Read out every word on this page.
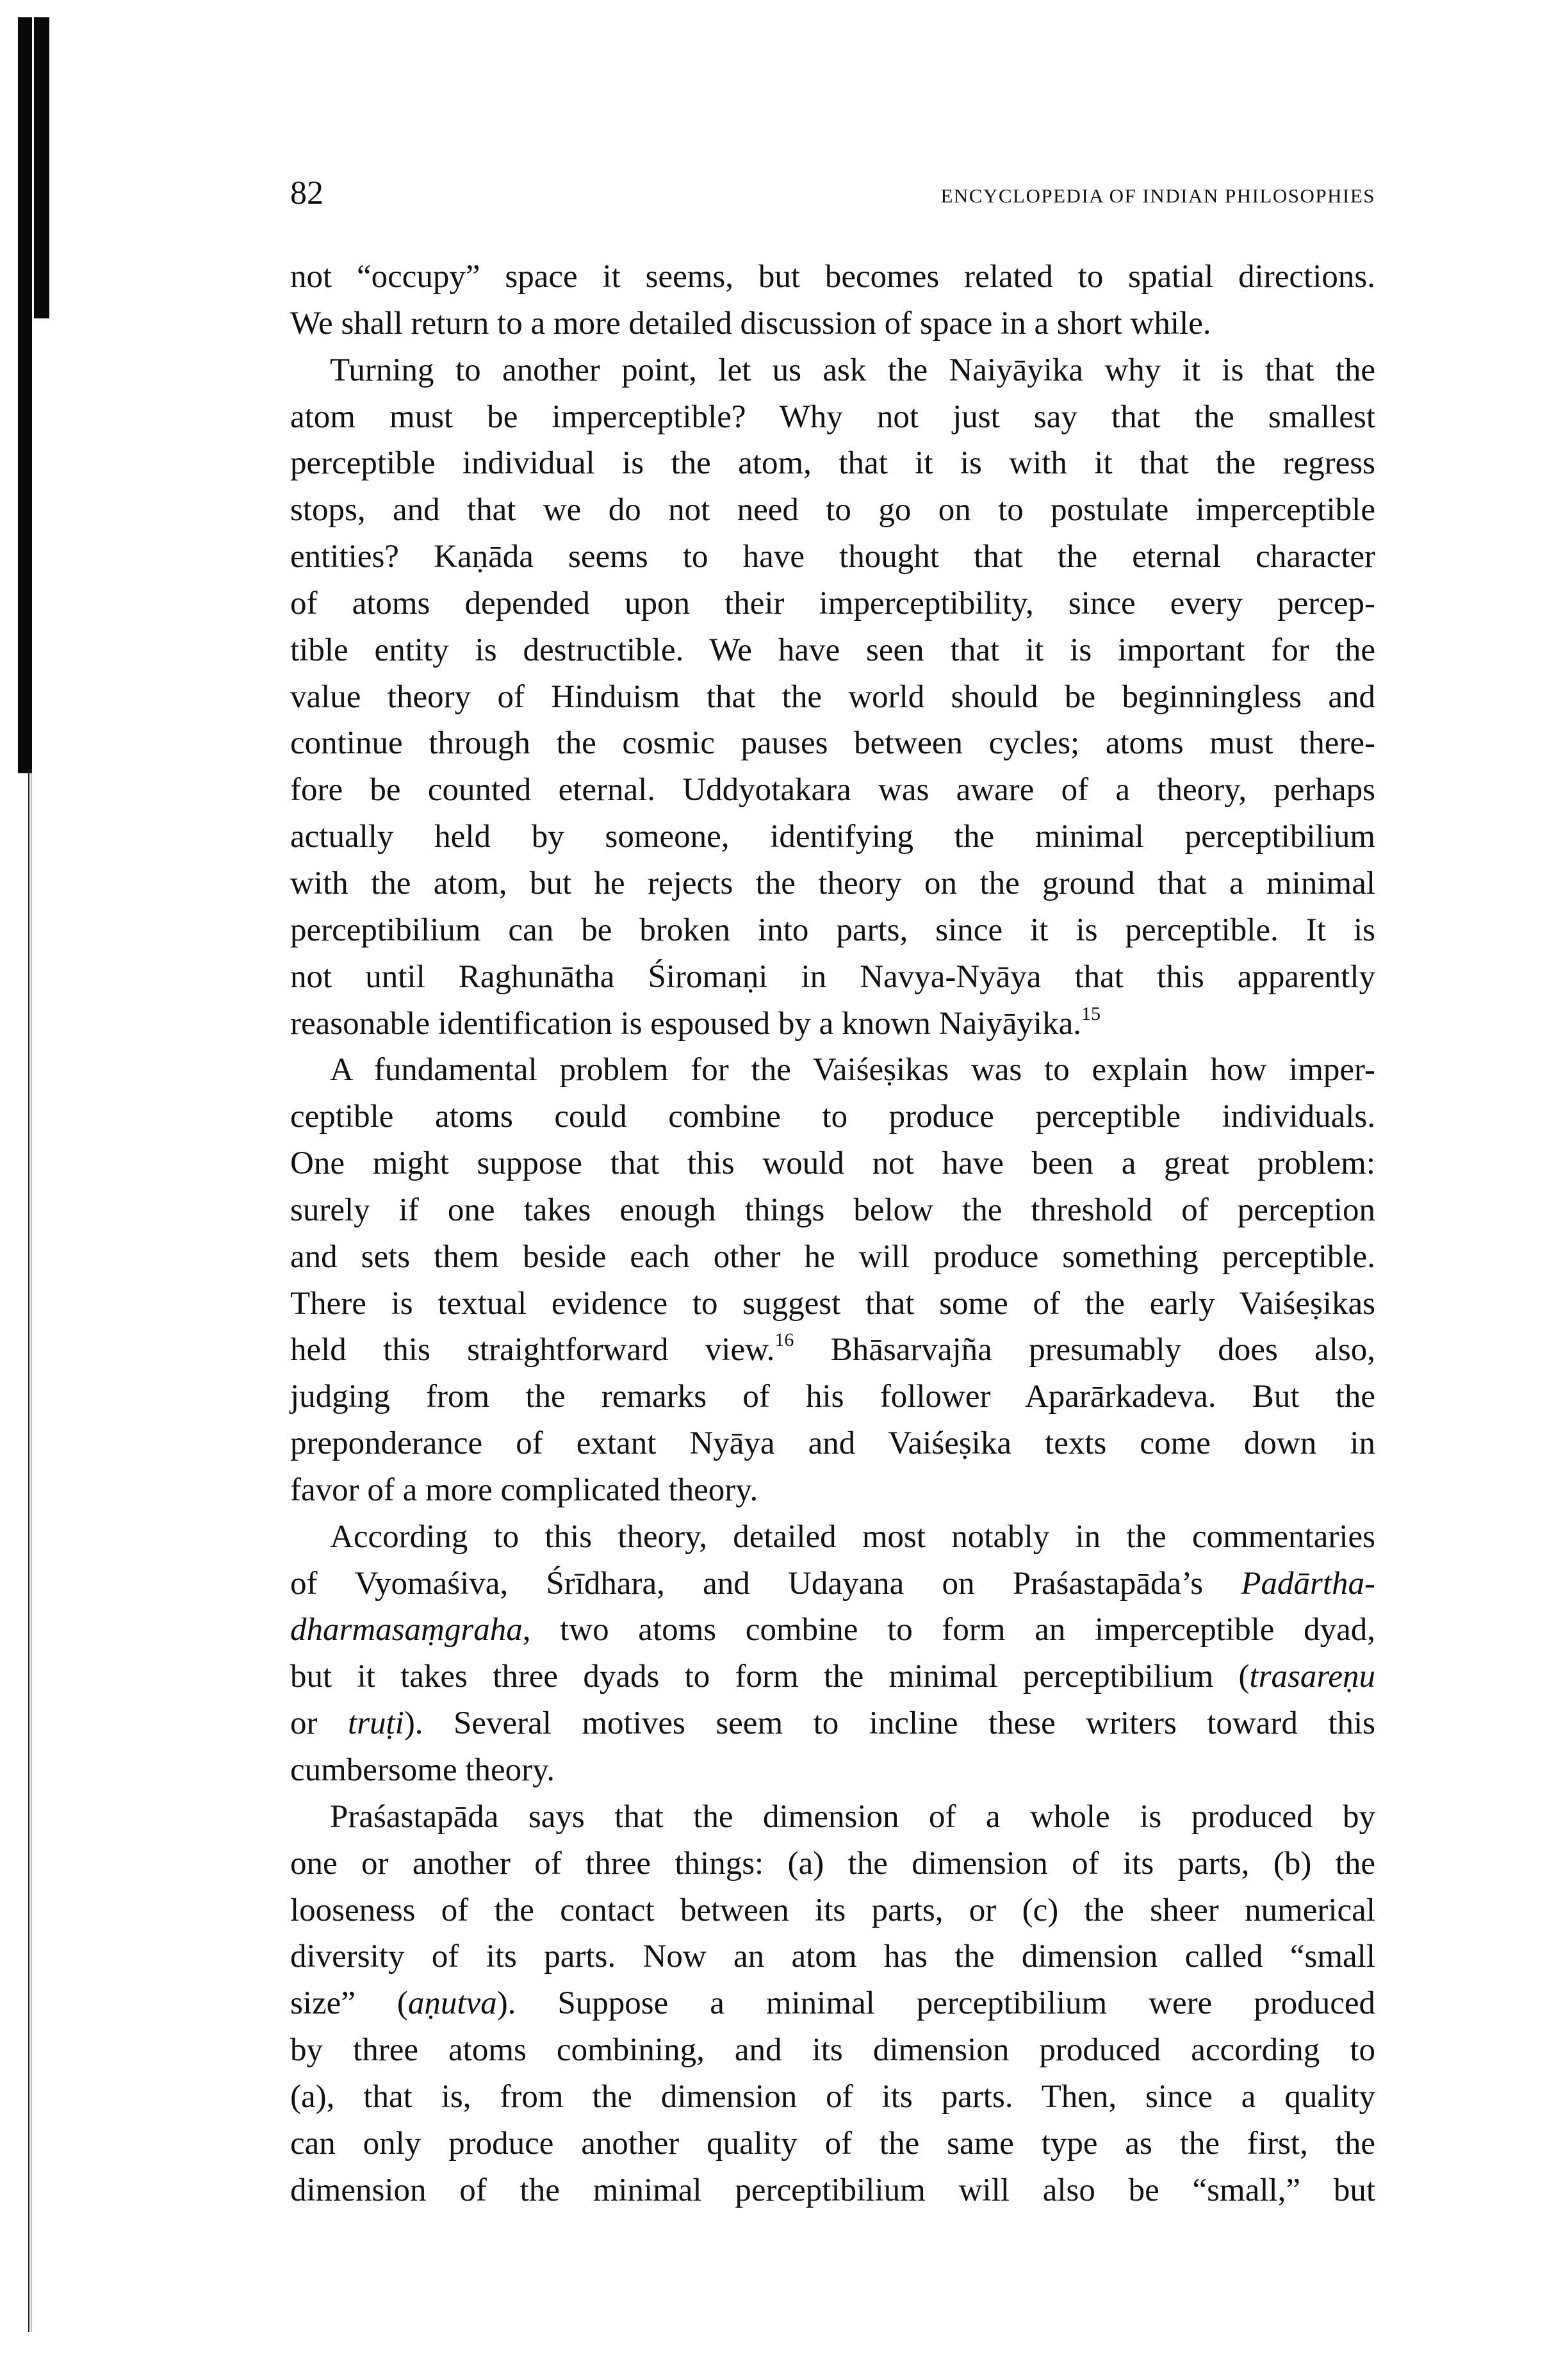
82	ENCYCLOPEDIA OF INDIAN PHILOSOPHIES
not “occupy” space it seems, but becomes related to spatial directions.
We shall return to a more detailed discussion of space in a short while.
Turning to another point, let us ask the Naiyāyika why it is that the
atom must be imperceptible? Why not just say that the smallest
perceptible individual is the atom, that it is with it that the regress
stops, and that we do not need to go on to postulate imperceptible
entities? Kaṇāda seems to have thought that the eternal character
of atoms depended upon their imperceptibility, since every percep-
tible entity is destructible. We have seen that it is important for the
value theory of Hinduism that the world should be beginningless and
continue through the cosmic pauses between cycles; atoms must there-
fore be counted eternal. Uddyotakara was aware of a theory, perhaps
actually held by someone, identifying the minimal perceptibilium
with the atom, but he rejects the theory on the ground that a minimal
perceptibilium can be broken into parts, since it is perceptible. It is
not until Raghunātha Śiromaṇi in Navya-Nyāya that this apparently
reasonable identification is espoused by a known Naiyāyika.$^{15}$
A fundamental problem for the Vaiśeṣikas was to explain how imper-
ceptible atoms could combine to produce perceptible individuals.
One might suppose that this would not have been a great problem:
surely if one takes enough things below the threshold of perception
and sets them beside each other he will produce something perceptible.
There is textual evidence to suggest that some of the early Vaiśeṣikas
held this straightforward view.$^{16}$ Bhāsarvajña presumably does also,
judging from the remarks of his follower Aparārkadeva. But the
preponderance of extant Nyāya and Vaiśeṣika texts come down in
favor of a more complicated theory.
According to this theory, detailed most notably in the commentaries
of Vyomaśiva, Śrīdhara, and Udayana on Praśastapāda’s Padārtha-
dharmasaṃgraha, two atoms combine to form an imperceptible dyad,
but it takes three dyads to form the minimal perceptibilium (trasareṇu
or truṭi). Several motives seem to incline these writers toward this
cumbersome theory.
Praśastapāda says that the dimension of a whole is produced by
one or another of three things: (a) the dimension of its parts, (b) the
looseness of the contact between its parts, or (c) the sheer numerical
diversity of its parts. Now an atom has the dimension called “small
size” (aṇutva). Suppose a minimal perceptibilium were produced
by three atoms combining, and its dimension produced according to
(a), that is, from the dimension of its parts. Then, since a quality
can only produce another quality of the same type as the first, the
dimension of the minimal perceptibilium will also be “small,” but
